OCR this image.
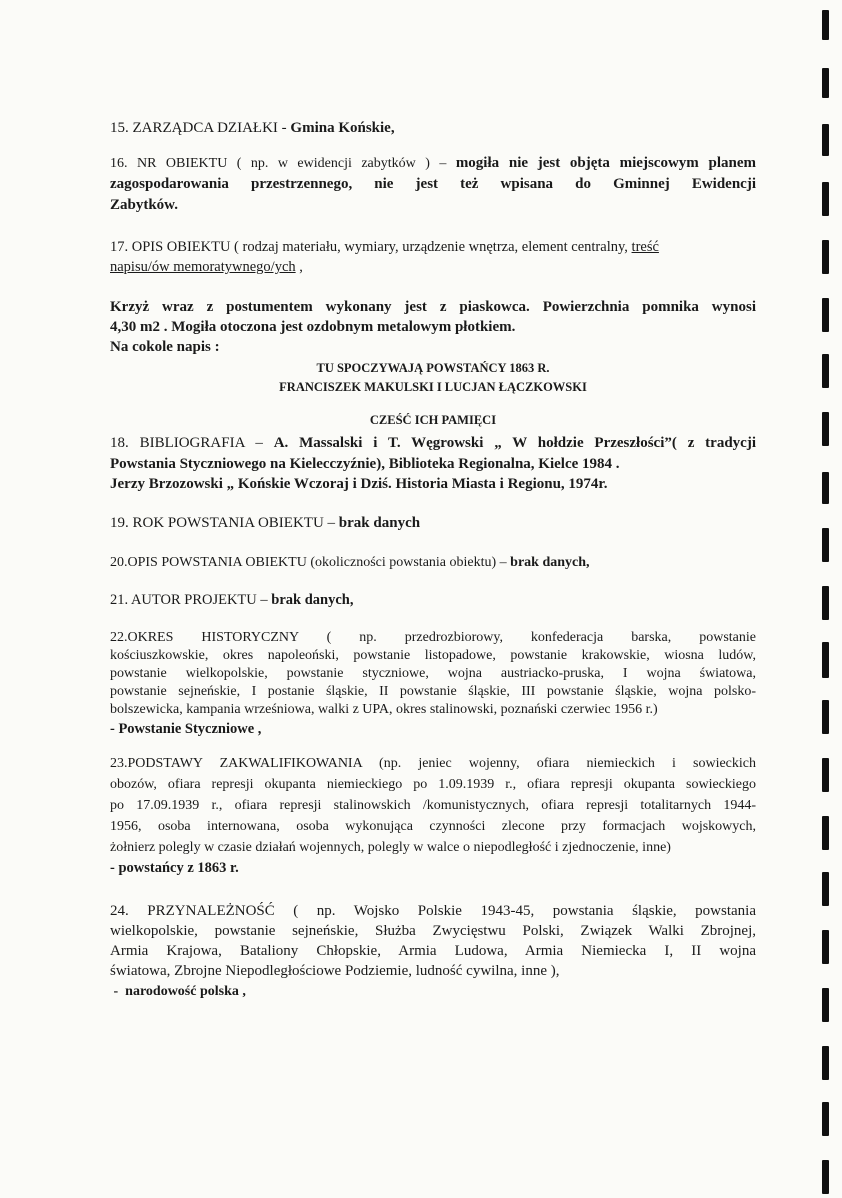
15. ZARZĄDCA DZIAŁKI - Gmina Końskie,

16. NR OBIEKTU ( np. w ewidencji zabytków ) – mogiła nie jest objęta miejscowym planem
zagospodarowania przestrzennego, nie jest też wpisana do Gminnej Ewidencji
Zabytków.
17. OPIS OBIEKTU ( rodzaj materiału, wymiary, urządzenie wnętrza, element centralny, treść
napisu/ów memoratywnego/ych ,
Krzyż wraz z postumentem wykonany jest z piaskowca. Powierzchnia pomnika wynosi
4,30 m2 . Mogiła otoczona jest ozdobnym metalowym płotkiem.
Na cokole napis :
TU SPOCZYWAJĄ POWSTAŃCY 1863 R.
FRANCISZEK MAKULSKI I LUCJAN ŁĄCZKOWSKI
CZEŚĆ ICH PAMIĘCI
18. BIBLIOGRAFIA – A. Massalski i T. Węgrowski „ W hołdzie Przeszłości”( z tradycji
Powstania Styczniowego na Kielecczyźnie), Biblioteka Regionalna, Kielce 1984 .
Jerzy Brzozowski „ Końskie Wczoraj i Dziś. Historia Miasta i Regionu, 1974r.

19. ROK POWSTANIA OBIEKTU – brak danych

20.OPIS POWSTANIA OBIEKTU (okoliczności powstania obiektu) – brak danych,

21. AUTOR PROJEKTU – brak danych,

22.OKRES HISTORYCZNY ( np. przedrozbiorowy, konfederacja barska, powstanie
kościuszkowskie, okres napoleoński, powstanie listopadowe, powstanie krakowskie, wiosna ludów,
powstanie wielkopolskie, powstanie styczniowe, wojna austriacko-pruska, I wojna światowa,
powstanie sejneńskie, I postanie śląskie, II powstanie śląskie, III powstanie śląskie, wojna polsko-
bolszewicka, kampania wrześniowa, walki z UPA, okres stalinowski, poznański czerwiec 1956 r.)
- Powstanie Styczniowe ,
23.PODSTAWY ZAKWALIFIKOWANIA (np. jeniec wojenny, ofiara niemieckich i sowieckich
obozów, ofiara represji okupanta niemieckiego po 1.09.1939 r., ofiara represji okupanta sowieckiego
po 17.09.1939 r., ofiara represji stalinowskich /komunistycznych, ofiara represji totalitarnych 1944-
1956, osoba internowana, osoba wykonująca czynności zlecone przy formacjach wojskowych,
żołnierz polegly w czasie działań wojennych, polegly w walce o niepodległość i zjednoczenie, inne)
- powstańcy z 1863 r.
24. PRZYNALEŻNOŚĆ ( np. Wojsko Polskie 1943-45, powstania śląskie, powstania
wielkopolskie, powstanie sejneńskie, Służba Zwycięstwu Polski, Związek Walki Zbrojnej,
Armia Krajowa, Bataliony Chłopskie, Armia Ludowa, Armia Niemiecka I, II wojna
światowa, Zbrojne Niepodległościowe Podziemie, ludność cywilna, inne ),
-  narodowość polska ,
